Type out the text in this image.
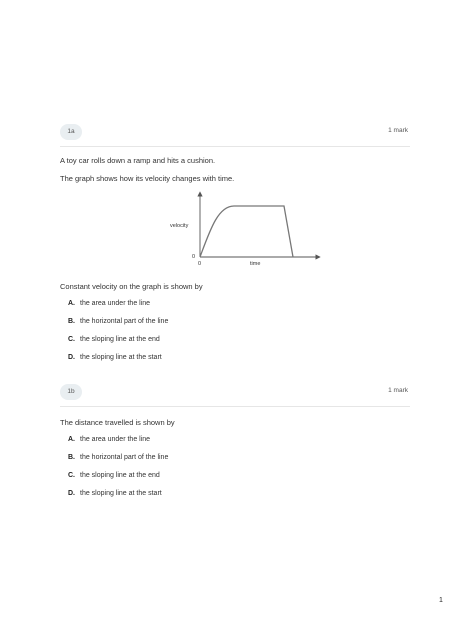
1a	1 mark
A toy car rolls down a ramp and hits a cushion.
The graph shows how its velocity changes with time.
velocity
0
0	time
Constant velocity on the graph is shown by
A. the area under the line
B. the horizontal part of the line
C. the sloping line at the end
D. the sloping line at the start
1b	1 mark
The distance travelled is shown by
A. the area under the line
B. the horizontal part of the line
C. the sloping line at the end
D. the sloping line at the start
1
